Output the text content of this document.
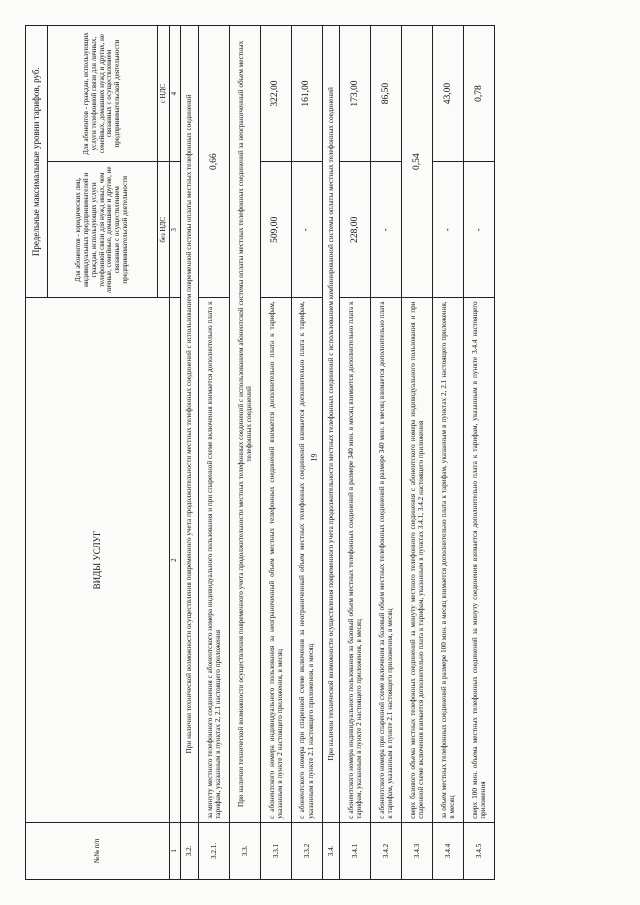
19
№№ п/п	ВИДЫ УСЛУГ	Предельные максимальные уровни тарифов, руб.	
		Для абонентов - юридических лиц, индивидуальных предпринимателей и граждан, использующих услуги телефонной связи для нужд иных, чем личные, семейные, домашние и другие, не связанные с осуществлением предпринимательской деятельности	Для абонентов - граждан, использующих услуги телефонной связи для личных, семейных, домашних нужд и других, не связанных с осуществлением предпринимательской деятельности
		без НДС	с НДС
1	2	3	4
3.2.	При наличии технической возможности осуществления повременного учета продолжительности местных телефонных соединений с использованием повременной системы оплаты местных телефонных соединений		
3.2.1.	за минуту местного телефонного соединения с абонентского номера индивидуального пользования и при спаренной схеме включения взимается дополнительно плата к тарифам, указанным в пунктах 2, 2.1 настоящего приложения	0,66	
3.3.	При наличии технической возможности осуществления повременного учета продолжительности местных телефонных соединений с использованием абонентской системы оплаты местных телефонных соединений за неограниченный объем местных телефонных соединений		
3.3.1	с абонентского номера индивидуального пользования за неограниченный объем местных телефонных соединений взимается дополнительно плата к тарифам, указанным в пункте 2 настоящего приложения, в месяц	509,00	322,00
3.3.2	с абонентского номера при спаренной схеме включения за неограниченный объем местных телефонных соединений взимается дополнительно плата к тарифам, указанным в пункте 2.1 настоящего приложения, в месяц	-	161,00
3.4.	При наличии технической возможности осуществления повременного учета продолжительности местных телефонных соединений с использованием комбинированной системы оплаты местных телефонных соединений		
3.4.1	с абонентского номера индивидуального пользования за базовый объем местных телефонных соединений в размере 340 мин. в месяц взимается дополнительно плата к тарифам, указанным в пункте 2 настоящего приложения, в месяц	228,00	173,00
3.4.2	с абонентского номера при спаренной схеме включения за базовый объем местных телефонных соединений в размере 340 мин. в месяц взимается дополнительно плата к тарифам, указанным в пункте 2.1 настоящего приложения, в месяц	-	86,50
3.4.3	сверх базового объема местных телефонных соединений за минуту местного телефонного соединения с абонентского номера индивидуального пользования и при спаренной схеме включения взимается дополнительно плата к тарифам, указанным в пунктах 3.4.1, 3.4.2 настоящего приложения	0,54	
3.4.4	за объем местных телефонных соединений в размере 100 мин. в месяц взимается дополнительно плата к тарифам, указанным в пунктах 2, 2.1 настоящего приложения, в месяц	-	43,00
3.4.5	сверх 100 мин. объема местных телефонных соединений за минуту соединения взимается дополнительно плата к тарифам, указанным в пункте 3.4.4 настоящего приложения	-	0,78
